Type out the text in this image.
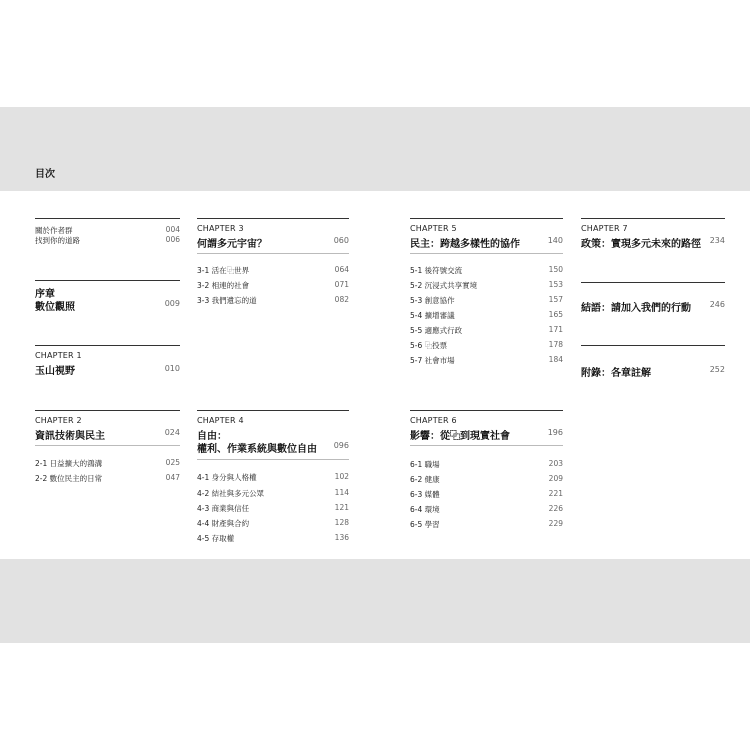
目次
關於作者群	004
找到你的道路	006
序章
數位觀照	009
CHAPTER 1
玉山視野	010
CHAPTER 2
資訊技術與民主	024
2-1 日益擴大的鴻溝	025
2-2 數位民主的日常	047
CHAPTER 3
何謂多元宇宙？	060
3-1 活在⿻世界	064
3-2 相連的社會	071
3-3 我們遺忘的道	082
CHAPTER 4
自由：
權利、作業系統與數位自由	096
4-1 身分與人格權	102
4-2 結社與多元公眾	114
4-3 商業與信任	121
4-4 財產與合約	128
4-5 存取權	136
CHAPTER 5
民主：跨越多樣性的協作	140
5-1 後符號交流	150
5-2 沉浸式共享實境	153
5-3 創意協作	157
5-4 擴增審議	165
5-5 適應式行政	171
5-6 ⿻投票	178
5-7 社會市場	184
CHAPTER 6
影響：從⿻到現實社會	196
6-1 職場	203
6-2 健康	209
6-3 媒體	221
6-4 環境	226
6-5 學習	229
CHAPTER 7
政策：實現多元未來的路徑	234
結語：請加入我們的行動	246
附錄：各章註解	252
